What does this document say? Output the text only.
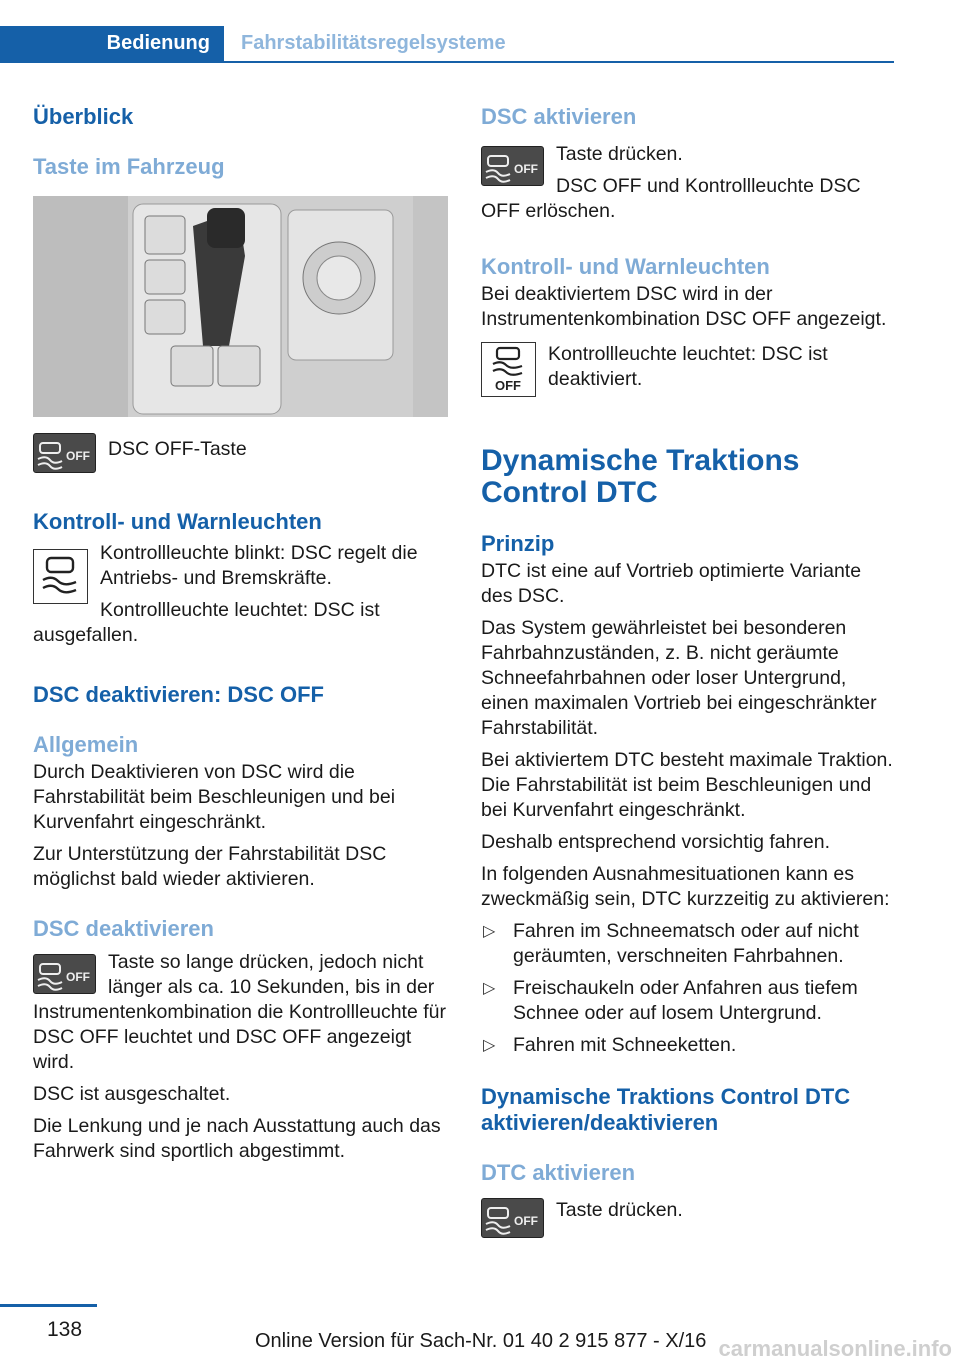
Bedienung	Fahrstabilitätsregelsysteme
Überblick
Taste im Fahrzeug
OFF DSC OFF-Taste

Kontroll- und Warnleuchten

Kontrollleuchte blinkt: DSC regelt die Antriebs- und Bremskräfte.

Kontrollleuchte leuchtet: DSC ist ausgefallen.

DSC deaktivieren: DSC OFF
Allgemein

Durch Deaktivieren von DSC wird die Fahrstabilität beim Beschleunigen und bei Kurvenfahrt eingeschränkt.

Zur Unterstützung der Fahrstabilität DSC möglichst bald wieder aktivieren.

DSC deaktivieren
OFF

Taste so lange drücken, jedoch nicht länger als ca. 10 Sekunden, bis in der Instrumentenkombination die Kontrollleuchte für DSC OFF leuchtet und DSC OFF angezeigt wird.

DSC ist ausgeschaltet.

Die Lenkung und je nach Ausstattung auch das Fahrwerk sind sportlich abgestimmt.

DSC aktivieren
OFF

Taste drücken.

DSC OFF und Kontrollleuchte DSC OFF erlöschen.

Kontroll- und Warnleuchten

Bei deaktiviertem DSC wird in der Instrumentenkombination DSC OFF angezeigt.

OFF

Kontrollleuchte leuchtet: DSC ist deaktiviert.

Dynamische Traktions Control DTC
Prinzip

DTC ist eine auf Vortrieb optimierte Variante des DSC.

Das System gewährleistet bei besonderen Fahrbahnzuständen, z. B. nicht geräumte Schneefahrbahnen oder loser Untergrund, einen maximalen Vortrieb bei eingeschränkter Fahrstabilität.

Bei aktiviertem DTC besteht maximale Traktion. Die Fahrstabilität ist beim Beschleunigen und bei Kurvenfahrt eingeschränkt.

Deshalb entsprechend vorsichtig fahren.

In folgenden Ausnahmesituationen kann es zweckmäßig sein, DTC kurzzeitig zu aktivieren:

▷ Fahren im Schneematsch oder auf nicht geräumten, verschneiten Fahrbahnen.
▷ Freischaukeln oder Anfahren aus tiefem Schnee oder auf losem Untergrund.
▷ Fahren mit Schneeketten.
Dynamische Traktions Control DTC aktivieren/deaktivieren
DTC aktivieren
OFF Taste drücken.

138	Online Version für Sach-Nr. 01 40 2 915 877 - X/16 carmanualsonline.info
